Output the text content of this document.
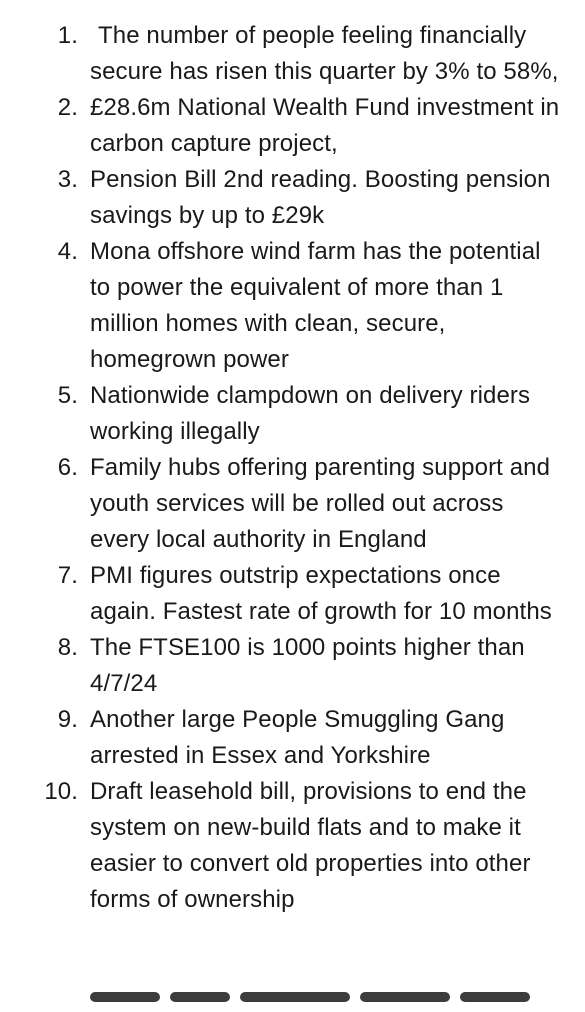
1. The number of people feeling financially secure has risen this quarter by 3% to 58%,
2. £28.6m National Wealth Fund investment in carbon capture project,
3. Pension Bill 2nd reading. Boosting pension savings by up to £29k
4. Mona offshore wind farm has the potential to power the equivalent of more than 1 million homes with clean, secure, homegrown power
5. Nationwide clampdown on delivery riders working illegally
6. Family hubs offering parenting support and youth services will be rolled out across every local authority in England
7. PMI figures outstrip expectations once again. Fastest rate of growth for 10 months
8. The FTSE100 is 1000 points higher than 4/7/24
9. Another large People Smuggling Gang arrested in Essex and Yorkshire
10. Draft leasehold bill, provisions to end the system on new-build flats and to make it easier to convert old properties into other forms of ownership
